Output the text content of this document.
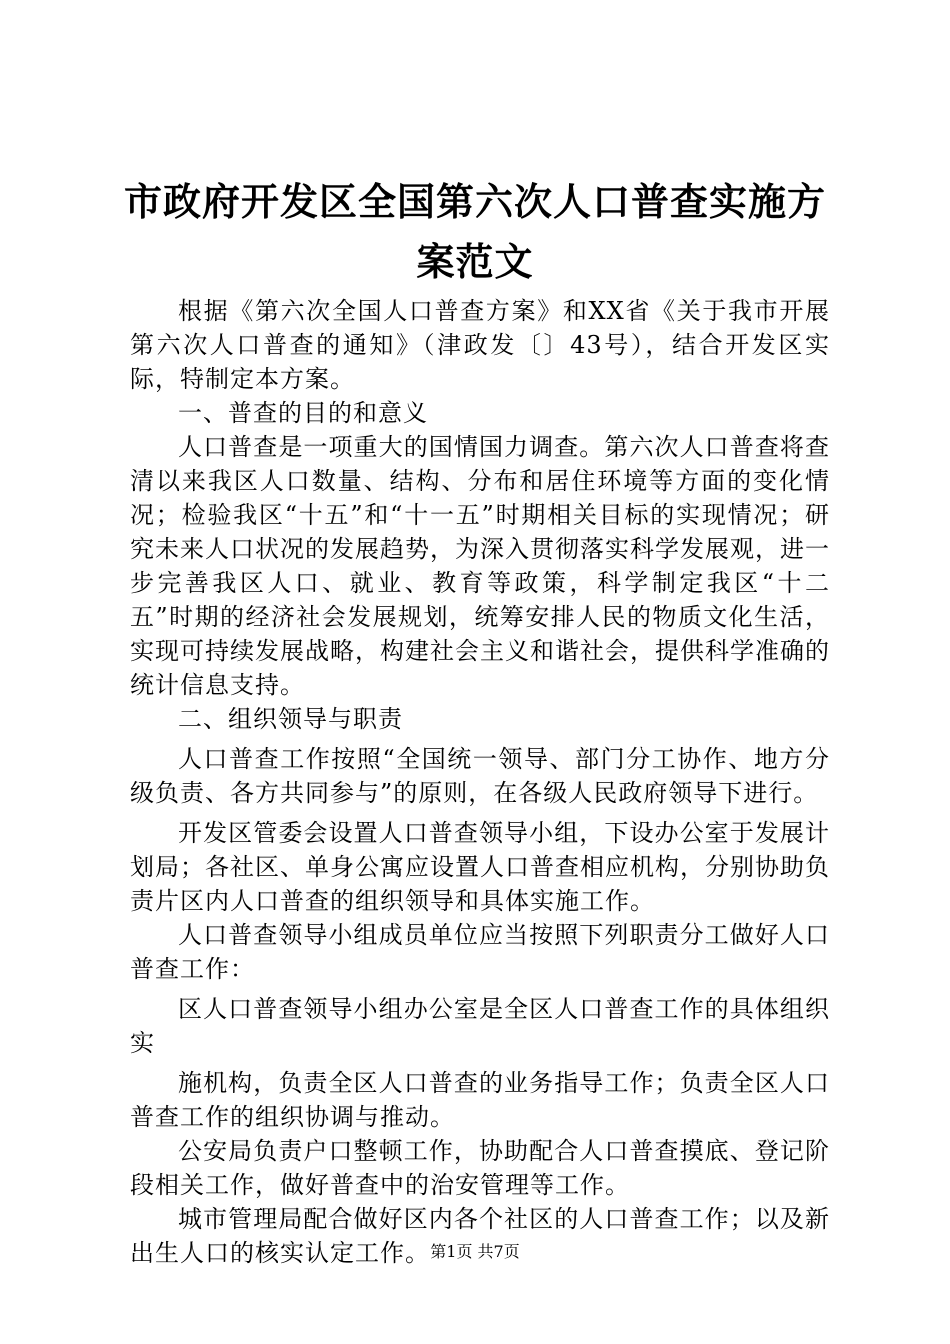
市政府开发区全国第六次人口普查实施方案范文

根据《第六次全国人口普查方案》和XX省《关于我市开展第六次人口普查的通知》（津政发〔〕43号），结合开发区实际，特制定本方案。

一、普查的目的和意义

人口普查是一项重大的国情国力调查。第六次人口普查将查清以来我区人口数量、结构、分布和居住环境等方面的变化情况；检验我区“十五”和“十一五”时期相关目标的实现情况；研究未来人口状况的发展趋势，为深入贯彻落实科学发展观，进一步完善我区人口、就业、教育等政策，科学制定我区“十二五”时期的经济社会发展规划，统筹安排人民的物质文化生活，实现可持续发展战略，构建社会主义和谐社会，提供科学准确的统计信息支持。

二、组织领导与职责

人口普查工作按照“全国统一领导、部门分工协作、地方分级负责、各方共同参与”的原则，在各级人民政府领导下进行。

开发区管委会设置人口普查领导小组，下设办公室于发展计划局；各社区、单身公寓应设置人口普查相应机构，分别协助负责片区内人口普查的组织领导和具体实施工作。

人口普查领导小组成员单位应当按照下列职责分工做好人口普查工作：

区人口普查领导小组办公室是全区人口普查工作的具体组织实

施机构，负责全区人口普查的业务指导工作；负责全区人口普查工作的组织协调与推动。

公安局负责户口整顿工作，协助配合人口普查摸底、登记阶段相关工作，做好普查中的治安管理等工作。

城市管理局配合做好区内各个社区的人口普查工作；以及新出生人口的核实认定工作。 第1页 共7页
